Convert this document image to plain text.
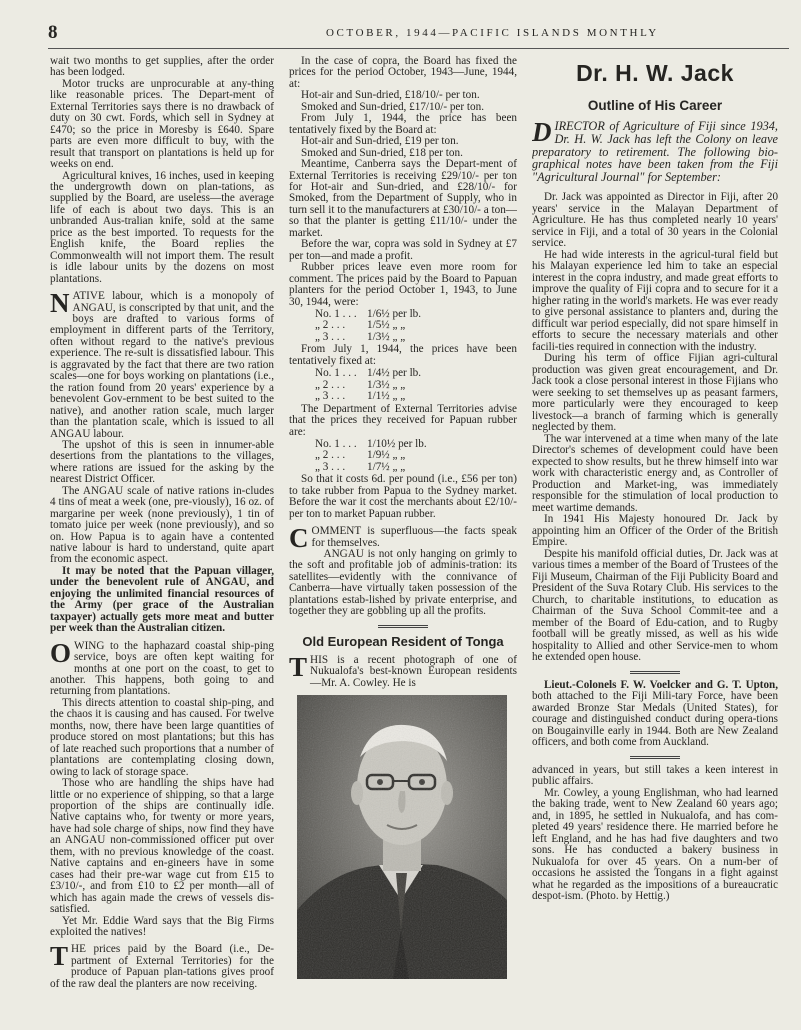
8	OCTOBER, 1944—PACIFIC ISLANDS MONTHLY

wait two months to get supplies, after the order has been lodged.

Motor trucks are unprocurable at any-thing like reasonable prices. The Depart-ment of External Territories says there is no drawback of duty on 30 cwt. Fords, which sell in Sydney at £470; so the price in Moresby is £640. Spare parts are even more difficult to buy, with the result that transport on plantations is held up for weeks on end.

Agricultural knives, 16 inches, used in keeping the undergrowth down on plan-tations, as supplied by the Board, are useless—the average life of each is about two days. This is an unbranded Aus-tralian knife, sold at the same price as the best imported. To requests for the English knife, the Board replies the Commonwealth will not import them. The result is idle labour units by the dozens on most plantations.

NATIVE labour, which is a monopoly of ANGAU, is conscripted by that unit, and the boys are drafted to various forms of employment in different parts of the Territory, often without regard to the native's previous experience. The re-sult is dissatisfied labour. This is aggravated by the fact that there are two ration scales—one for boys working on plantations (i.e., the ration found from 20 years' experience by a benevolent Gov-ernment to be best suited to the native), and another ration scale, much larger than the plantation scale, which is issued to all ANGAU labour.

The upshot of this is seen in innumer-able desertions from the plantations to the villages, where rations are issued for the asking by the nearest District Officer.

The ANGAU scale of native rations in-cludes 4 tins of meat a week (one, pre-viously), 16 oz. of margarine per week (none previously), 1 tin of tomato juice per week (none previously), and so on. How Papua is to again have a contented native labour is hard to understand, quite apart from the economic aspect.

It may be noted that the Papuan villager, under the benevolent rule of ANGAU, and enjoying the unlimited financial resources of the Army (per grace of the Australian taxpayer) actually gets more meat and butter per week than the Australian citizen.

OWING to the haphazard coastal ship-ping service, boys are often kept waiting for months at one port on the coast, to get to another. This happens, both going to and returning from plantations.

This directs attention to coastal ship-ping, and the chaos it is causing and has caused. For twelve months, now, there have been large quantities of produce stored on most plantations; but this has of late reached such proportions that a number of plantations are contemplating closing down, owing to lack of storage space.

Those who are handling the ships have had little or no experience of shipping, so that a large proportion of the ships are continually idle. Native captains who, for twenty or more years, have had sole charge of ships, now find they have an ANGAU non-commissioned officer put over them, with no previous knowledge of the coast. Native captains and en-gineers have in some cases had their pre-war wage cut from £15 to £3/10/-, and from £10 to £2 per month—all of which has again made the crews of vessels dis-satisfied.

Yet Mr. Eddie Ward says that the Big Firms exploited the natives!

THE prices paid by the Board (i.e., De-partment of External Territories) for the produce of Papuan plan-tations gives proof of the raw deal the planters are now receiving.

In the case of copra, the Board has fixed the prices for the period October, 1943—June, 1944, at:

Hot-air and Sun-dried, £18/10/- per ton.

Smoked and Sun-dried, £17/10/- per ton.

From July 1, 1944, the price has been tentatively fixed by the Board at:

Hot-air and Sun-dried, £19 per ton.

Smoked and Sun-dried, £18 per ton.

Meantime, Canberra says the Depart-ment of External Territories is receiving £29/10/- per ton for Hot-air and Sun-dried, and £28/10/- for Smoked, from the Department of Supply, who in turn sell it to the manufacturers at £30/10/- a ton—so that the planter is getting £11/10/- under the market.

Before the war, copra was sold in Sydney at £7 per ton—and made a profit.

Rubber prices leave even more room for comment. The prices paid by the Board to Papuan planters for the period October 1, 1943, to June 30, 1944, were:

No. 1 . . . 1/6½ per lb.
„ 2 . . .	1/5½ „ „
„ 3 . . .	1/3½ „ „

From July 1, 1944, the prices have been tentatively fixed at:

No. 1 . . . 1/4½ per lb.
„ 2 . . .	1/3½ „ „
„ 3 . . .	1/1½ „ „

The Department of External Territories advise that the prices they received for Papuan rubber are:

No. 1 . . . 1/10½ per lb.
„ 2 . . .	1/9½ „ „
„ 3 . . .	1/7½ „ „

So that it costs 6d. per pound (i.e., £56 per ton) to take rubber from Papua to the Sydney market. Before the war it cost the merchants about £2/10/- per ton to market Papuan rubber.

COMMENT is superfluous—the facts speak for themselves.

ANGAU is not only hanging on grimly to the soft and profitable job of adminis-tration: its satellites—evidently with the connivance of Canberra—have virtually taken possession of the plantations estab-lished by private enterprise, and together they are gobbling up all the profits.

Old European Resident of Tonga

THIS is a recent photograph of one of Nukualofa's best-known European residents—Mr. A. Cowley. He is

Dr. H. W. Jack
Outline of His Career

DIRECTOR of Agriculture of Fiji since 1934, Dr. H. W. Jack has left the Colony on leave preparatory to retirement. The following bio-graphical notes have been taken from the Fiji "Agricultural Journal" for September:

Dr. Jack was appointed as Director in Fiji, after 20 years' service in the Malayan Department of Agriculture. He has thus completed nearly 10 years' service in Fiji, and a total of 30 years in the Colonial service.

He had wide interests in the agricul-tural field but his Malayan experience led him to take an especial interest in the copra industry, and made great efforts to improve the quality of Fiji copra and to secure for it a higher rating in the world's markets. He was ever ready to give personal assistance to planters and, during the difficult war period especially, did not spare himself in efforts to secure the necessary materials and other facili-ties required in connection with the industry.

During his term of office Fijian agri-cultural production was given great encouragement, and Dr. Jack took a close personal interest in those Fijians who were seeking to set themselves up as peasant farmers, more particularly were they encouraged to keep livestock—a branch of farming which is generally neglected by them.

The war intervened at a time when many of the late Director's schemes of development could have been expected to show results, but he threw himself into war work with characteristic energy and, as Controller of Production and Market-ing, was immediately responsible for the stimulation of local production to meet wartime demands.

In 1941 His Majesty honoured Dr. Jack by appointing him an Officer of the Order of the British Empire.

Despite his manifold official duties, Dr. Jack was at various times a member of the Board of Trustees of the Fiji Museum, Chairman of the Fiji Publicity Board and President of the Suva Rotary Club. His services to the Church, to charitable institutions, to education as Chairman of the Suva School Commit-tee and a member of the Board of Edu-cation, and to Rugby football will be greatly missed, as well as his wide hospitality to Allied and other Service-men to whom he extended open house.

Lieut.-Colonels F. W. Voelcker and G. T. Upton, both attached to the Fiji Mili-tary Force, have been awarded Bronze Star Medals (United States), for courage and distinguished conduct during opera-tions on Bougainville early in 1944. Both are New Zealand officers, and both come from Auckland.

advanced in years, but still takes a keen interest in public affairs.

Mr. Cowley, a young Englishman, who had learned the baking trade, went to New Zealand 60 years ago; and, in 1895, he settled in Nukualofa, and has com-pleted 49 years' residence there. He married before he left England, and he has had five daughters and two sons. He has conducted a bakery business in Nukualofa for over 45 years. On a num-ber of occasions he assisted the Tongans in a fight against what he regarded as the impositions of a bureaucratic despot-ism. (Photo. by Hettig.)
